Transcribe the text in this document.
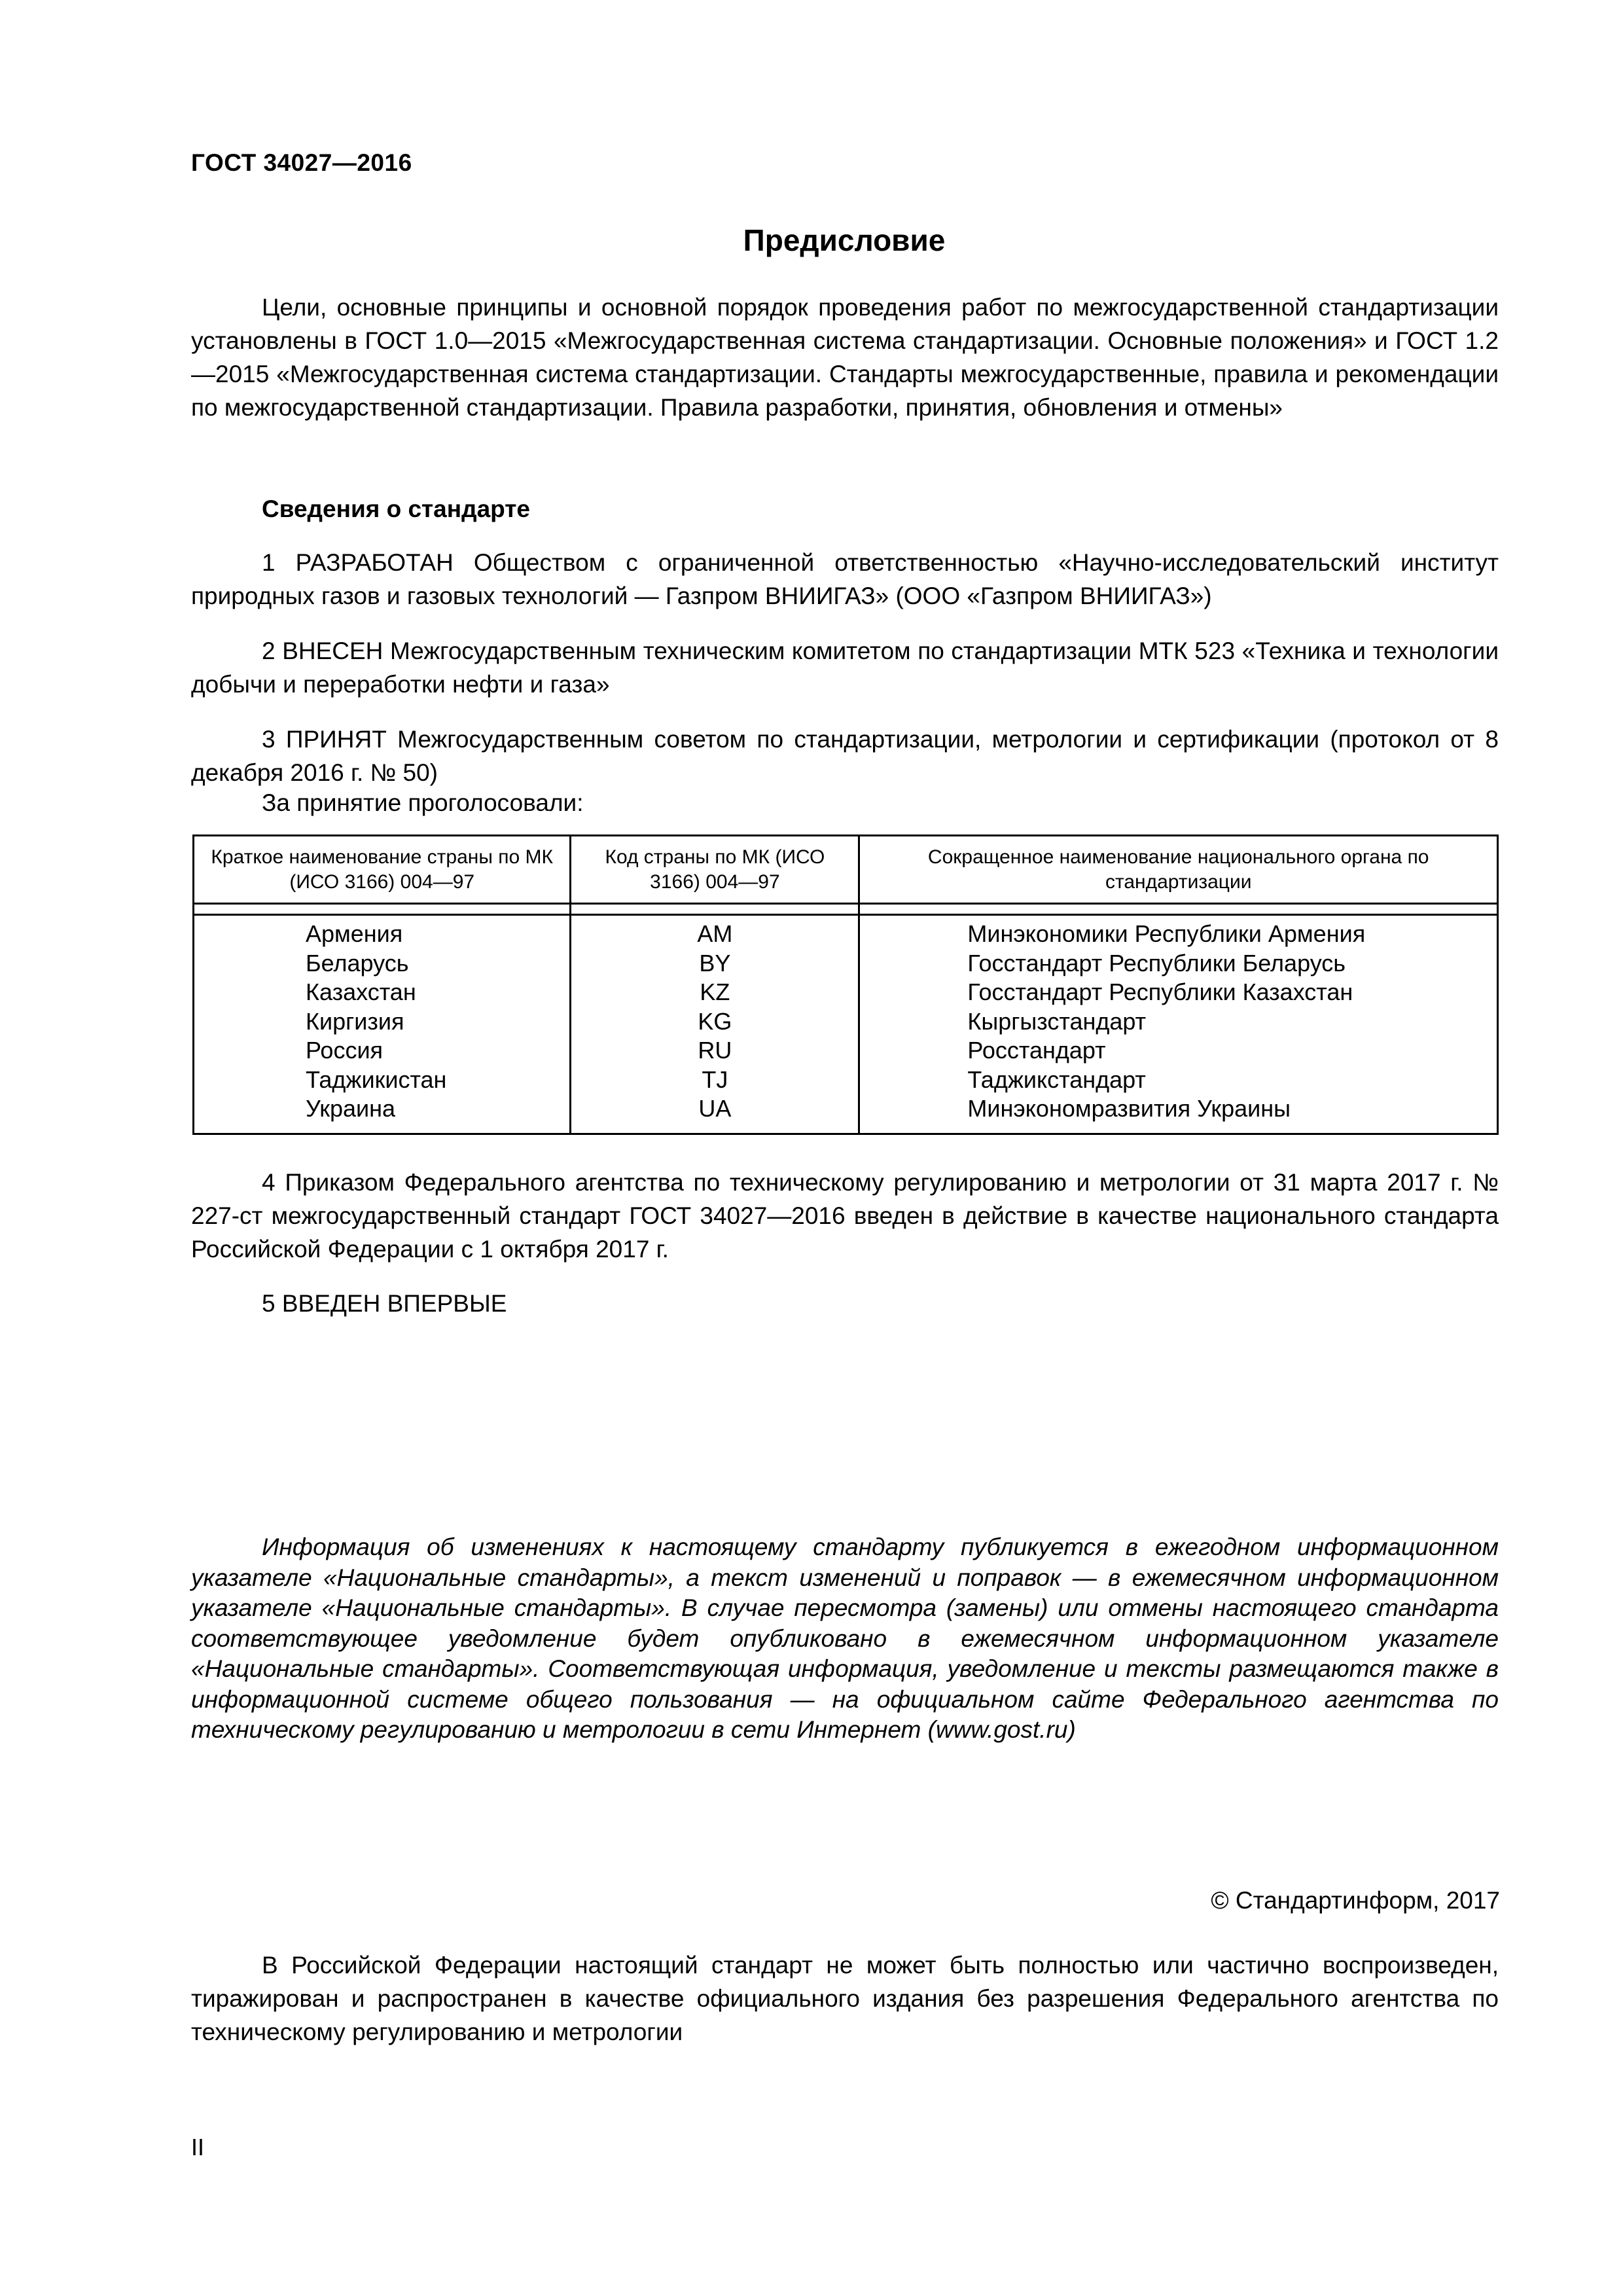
ГОСТ 34027—2016
Предисловие
Цели, основные принципы и основной порядок проведения работ по межгосударственной стандартизации установлены в ГОСТ 1.0—2015 «Межгосударственная система стандартизации. Основные положения» и ГОСТ 1.2—2015 «Межгосударственная система стандартизации. Стандарты межгосударственные, правила и рекомендации по межгосударственной стандартизации. Правила разработки, принятия, обновления и отмены»
Сведения о стандарте
1 РАЗРАБОТАН Обществом с ограниченной ответственностью «Научно-исследовательский институт природных газов и газовых технологий — Газпром ВНИИГАЗ» (ООО «Газпром ВНИИГАЗ»)
2 ВНЕСЕН Межгосударственным техническим комитетом по стандартизации МТК 523 «Техника и технологии добычи и переработки нефти и газа»
3 ПРИНЯТ Межгосударственным советом по стандартизации, метрологии и сертификации (протокол от 8 декабря 2016 г. № 50)
За принятие проголосовали:
Краткое наименование страны по МК (ИСО 3166) 004—97	Код страны по МК (ИСО 3166) 004—97	Сокращенное наименование национального органа по стандартизации

Армения	AM	Минэкономики Республики Армения
Беларусь	BY	Госстандарт Республики Беларусь
Казахстан	KZ	Госстандарт Республики Казахстан
Киргизия	KG	Кыргызстандарт
Россия	RU	Росстандарт
Таджикистан	TJ	Таджикстандарт
Украина	UA	Минэкономразвития Украины
4 Приказом Федерального агентства по техническому регулированию и метрологии от 31 марта 2017 г. № 227-ст межгосударственный стандарт ГОСТ 34027—2016 введен в действие в качестве национального стандарта Российской Федерации с 1 октября 2017 г.
5 ВВЕДЕН ВПЕРВЫЕ
Информация об изменениях к настоящему стандарту публикуется в ежегодном информационном указателе «Национальные стандарты», а текст изменений и поправок — в ежемесячном информационном указателе «Национальные стандарты». В случае пересмотра (замены) или отмены настоящего стандарта соответствующее уведомление будет опубликовано в ежемесячном информационном указателе «Национальные стандарты». Соответствующая информация, уведомление и тексты размещаются также в информационной системе общего пользования — на официальном сайте Федерального агентства по техническому регулированию и метрологии в сети Интернет (www.gost.ru)
© Стандартинформ, 2017
В Российской Федерации настоящий стандарт не может быть полностью или частично воспроизведен, тиражирован и распространен в качестве официального издания без разрешения Федерального агентства по техническому регулированию и метрологии
II
